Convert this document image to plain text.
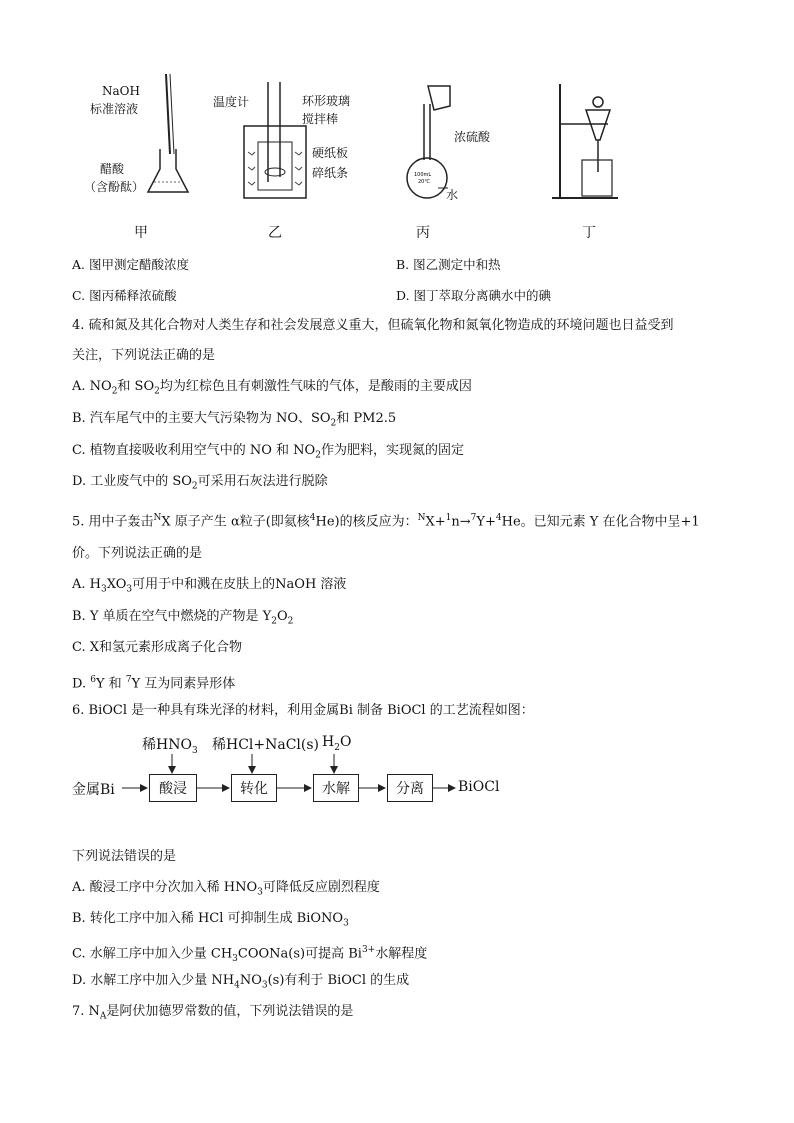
NaOH
标准溶液
醋酸
（含酚酞）
甲
温度计	环形玻璃
搅拌棒
硬纸板
碎纸条
乙
浓硫酸
水
100mL
20℃
丙	丁
A. 图甲测定醋酸浓度	B. 图乙测定中和热
C. 图丙稀释浓硫酸	D. 图丁萃取分离碘水中的碘
4. 硫和氮及其化合物对人类生存和社会发展意义重大，但硫氧化物和氮氧化物造成的环境问题也日益受到
关注，下列说法正确的是
A. $NO_2$和 $SO_2$均为红棕色且有刺激性气味的气体，是酸雨的主要成因
B. 汽车尾气中的主要大气污染物为 NO、$SO_2$和 PM2.5
C. 植物直接吸收利用空气中的 NO 和 $NO_2$作为肥料，实现氮的固定
D. 工业废气中的 $SO_2$可采用石灰法进行脱除
5. 用中子轰击$^N$X 原子产生 α粒子(即氦核$^4$He)的核反应为：$^N$X+$^1$n→$^7$Y+$^4$He。已知元素 Y 在化合物中呈+1
价。下列说法正确的是
A. $H_3XO_3$可用于中和溅在皮肤上的NaOH 溶液
B. Y 单质在空气中燃烧的产物是 $Y_2O_2$
C. X和氢元素形成离子化合物
D. $^6$Y 和 $^7$Y 互为同素异形体
6. BiOCl 是一种具有珠光泽的材料，利用金属Bi 制备 BiOCl 的工艺流程如图：
稀$HNO_3$ 稀HCl+NaCl(s) $H_2O$
金属Bi	酸浸	转化	水解	分离	BiOCl
下列说法错误的是
A. 酸浸工序中分次加入稀 $HNO_3$可降低反应剧烈程度
B. 转化工序中加入稀 HCl 可抑制生成 BiONO$_3$
C. 水解工序中加入少量 $CH_3COONa(s)$可提高 $Bi^{3+}$水解程度
D. 水解工序中加入少量 $NH_4NO_3(s)$有利于 BiOCl 的生成
7. $N_A$是阿伏加德罗常数的值，下列说法错误的是
